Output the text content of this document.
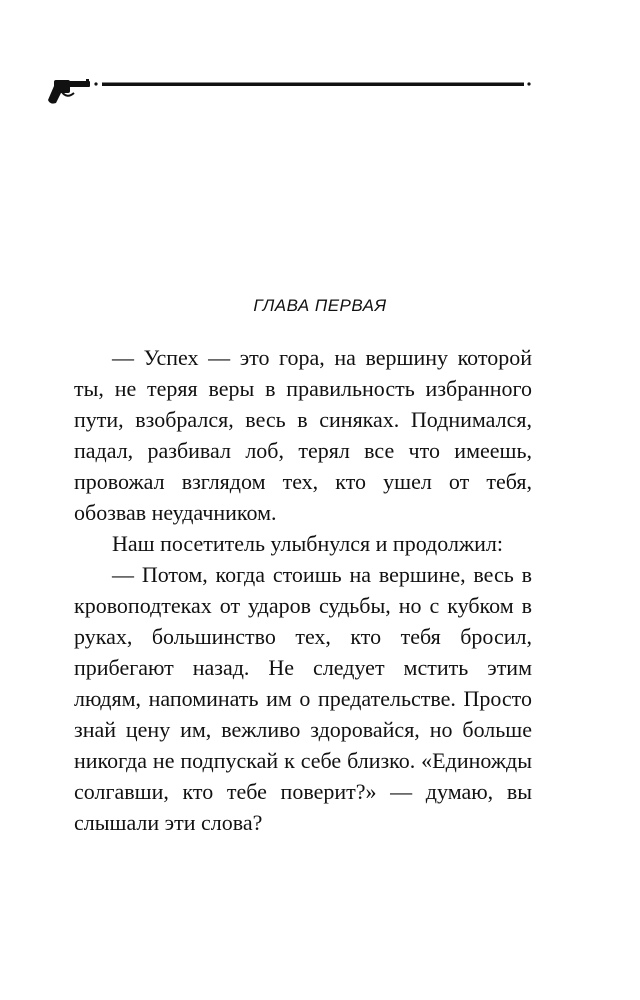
ГЛАВА ПЕРВАЯ

— Успех — это гора, на вершину которой ты, не теряя веры в правильность избранного пути, взобрался, весь в синяках. Поднимался, падал, разбивал лоб, терял все что имеешь, провожал взглядом тех, кто ушел от тебя, обозвав неудачником.

Наш посетитель улыбнулся и продолжил:

— Потом, когда стоишь на вершине, весь в кровоподтеках от ударов судьбы, но с кубком в руках, большинство тех, кто тебя бросил, прибегают назад. Не следует мстить этим людям, напоминать им о предательстве. Просто знай цену им, вежливо здоровайся, но больше никогда не подпускай к себе близко. «Единожды солгавши, кто тебе поверит?» — думаю, вы слышали эти слова?
